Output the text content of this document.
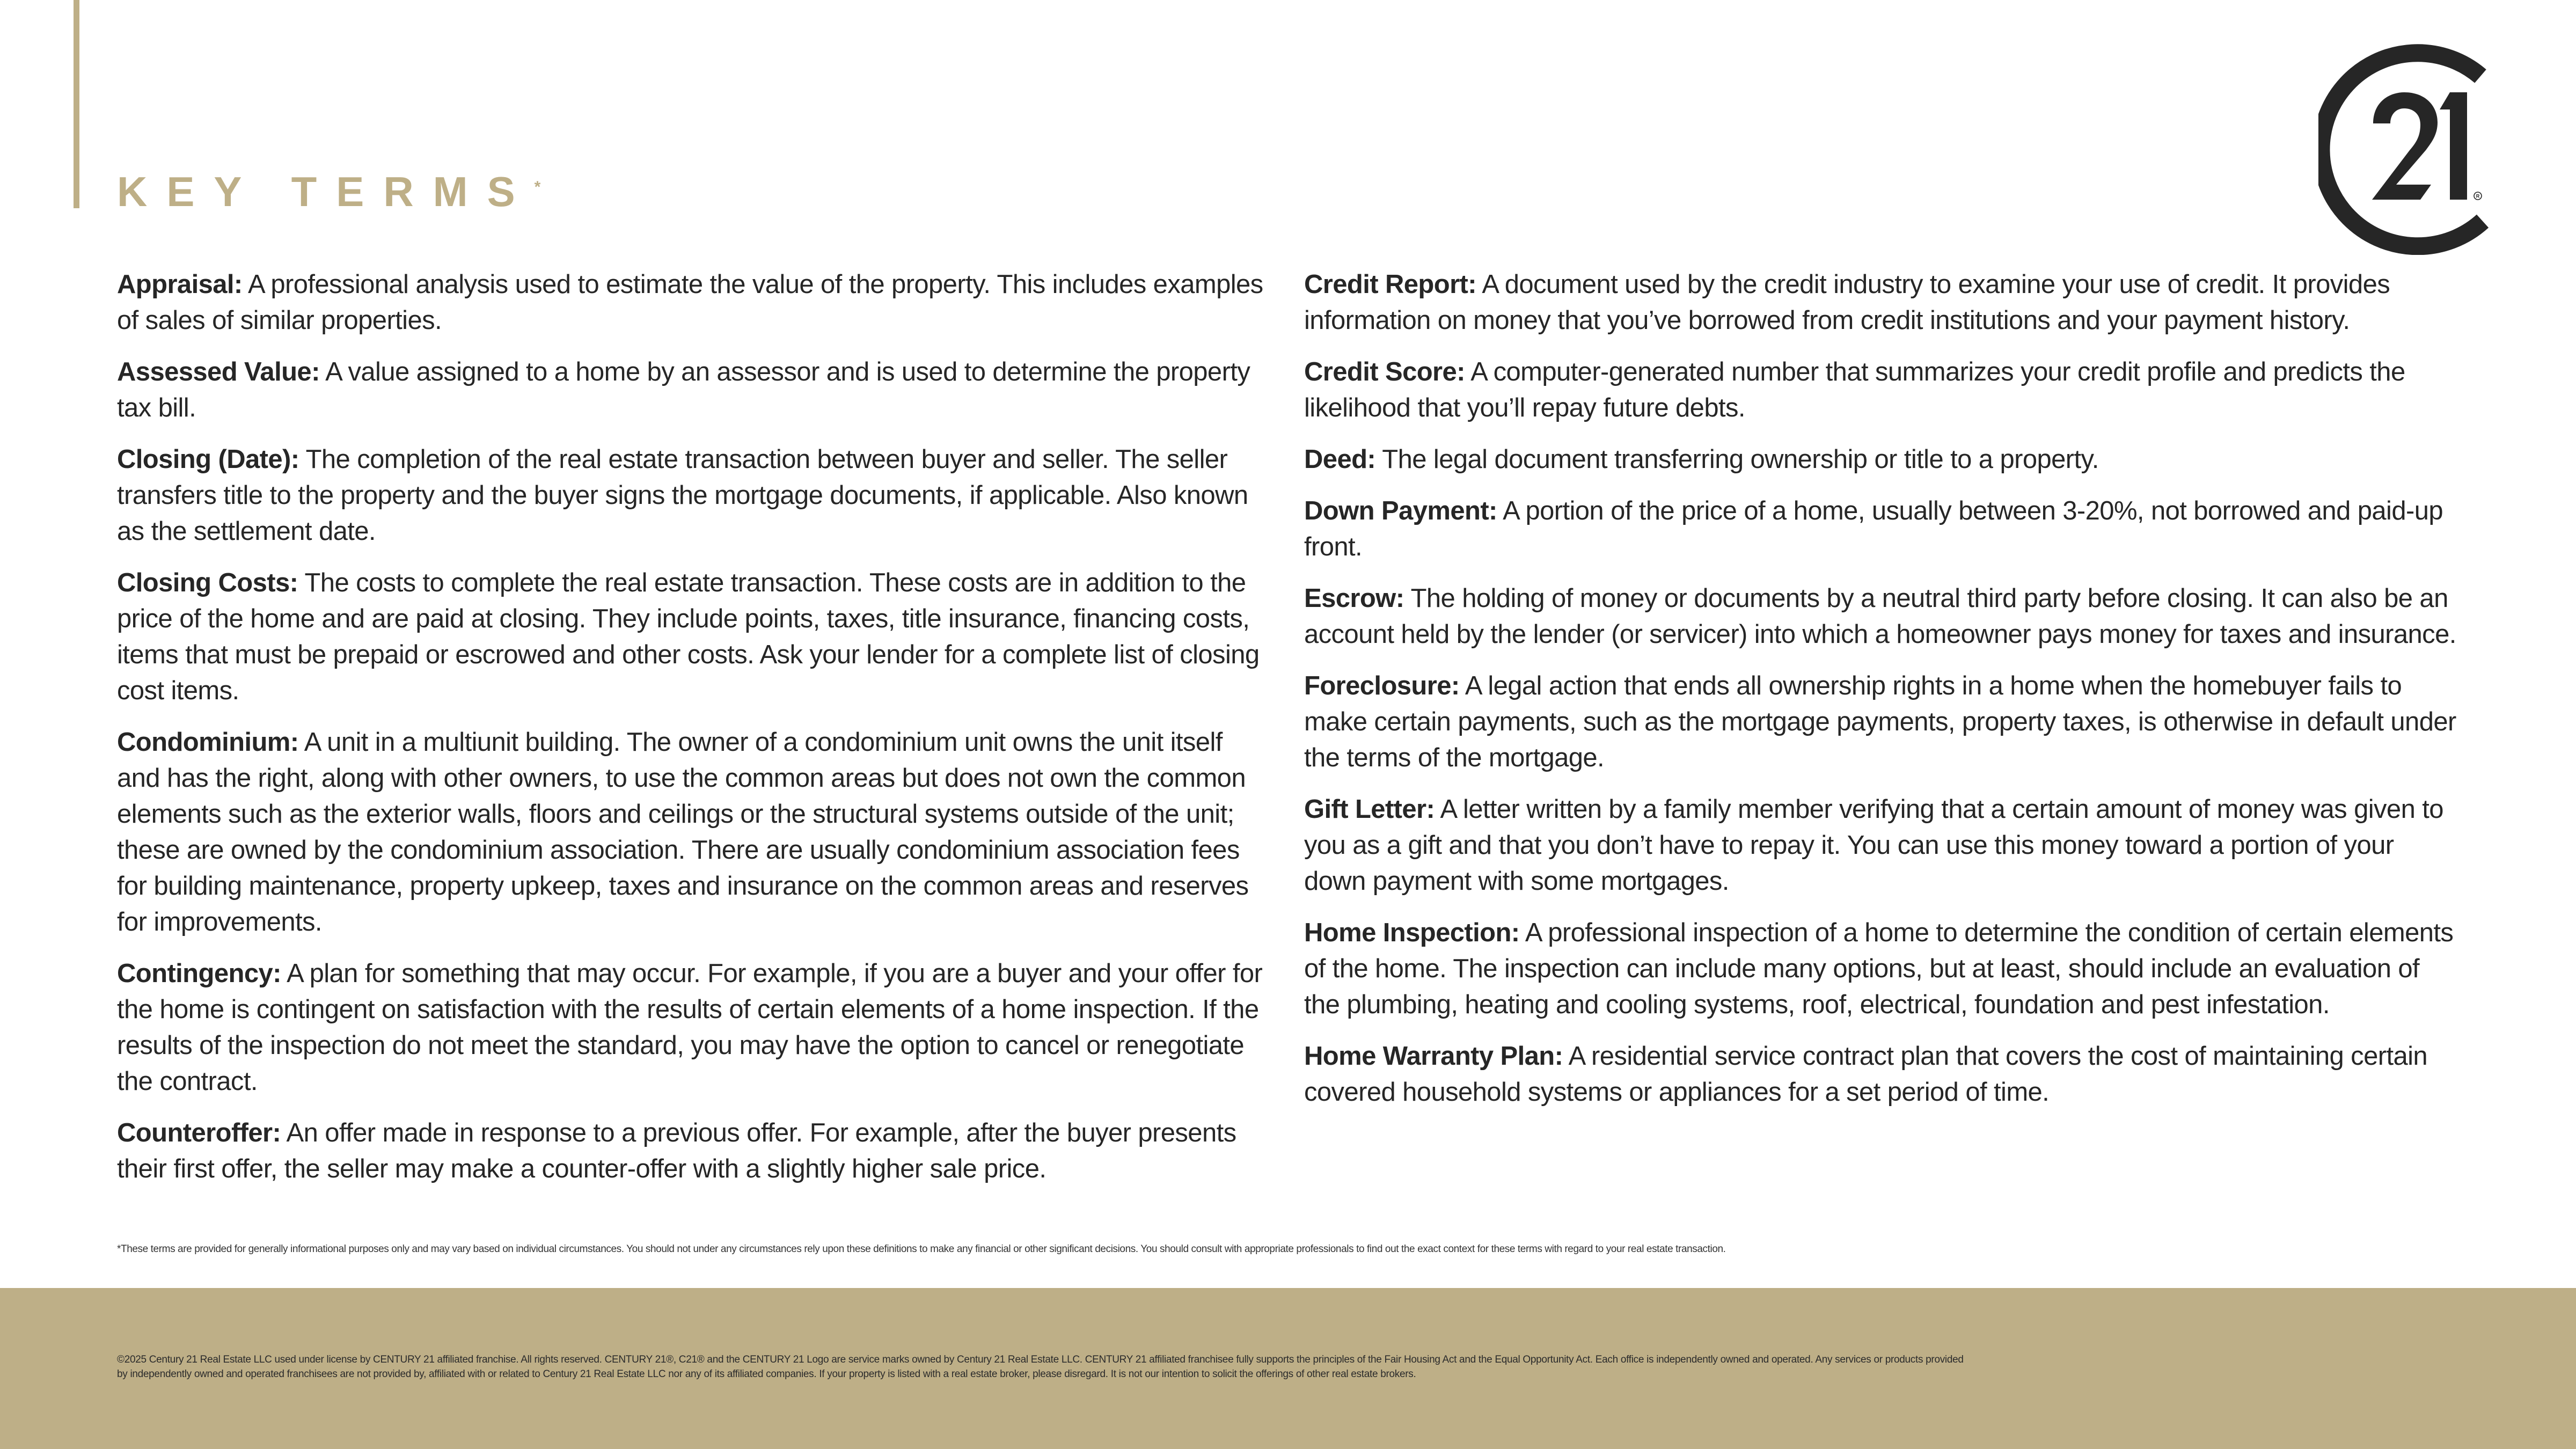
KEY TERMS*
R

Appraisal: A professional analysis used to estimate the value of the property. This includes examples of sales of similar properties.

Assessed Value: A value assigned to a home by an assessor and is used to determine the property tax bill.

Closing (Date): The completion of the real estate transaction between buyer and seller. The seller transfers title to the property and the buyer signs the mortgage documents, if applicable. Also known as the settlement date.

Closing Costs: The costs to complete the real estate transaction. These costs are in addition to the price of the home and are paid at closing. They include points, taxes, title insurance, financing costs, items that must be prepaid or escrowed and other costs. Ask your lender for a complete list of closing cost items.

Condominium: A unit in a multiunit building. The owner of a condominium unit owns the unit itself and has the right, along with other owners, to use the common areas but does not own the common elements such as the exterior walls, floors and ceilings or the structural systems outside of the unit; these are owned by the condominium association. There are usually condominium association fees for building maintenance, property upkeep, taxes and insurance on the common areas and reserves for improvements.

Contingency: A plan for something that may occur. For example, if you are a buyer and your offer for the home is contingent on satisfaction with the results of certain elements of a home inspection. If the results of the inspection do not meet the standard, you may have the option to cancel or renegotiate the contract.

Counteroffer: An offer made in response to a previous offer. For example, after the buyer presents their first offer, the seller may make a counter-offer with a slightly higher sale price.

Credit Report: A document used by the credit industry to examine your use of credit. It provides information on money that you’ve borrowed from credit institutions and your payment history.

Credit Score: A computer-generated number that summarizes your credit profile and predicts the likelihood that you’ll repay future debts.

Deed: The legal document transferring ownership or title to a property.

Down Payment: A portion of the price of a home, usually between 3-20%, not borrowed and paid-up front.

Escrow: The holding of money or documents by a neutral third party before closing. It can also be an account held by the lender (or servicer) into which a homeowner pays money for taxes and insurance.

Foreclosure: A legal action that ends all ownership rights in a home when the homebuyer fails to make certain payments, such as the mortgage payments, property taxes, is otherwise in default under the terms of the mortgage.

Gift Letter: A letter written by a family member verifying that a certain amount of money was given to you as a gift and that you don’t have to repay it. You can use this money toward a portion of your down payment with some mortgages.

Home Inspection: A professional inspection of a home to determine the condition of certain elements of the home. The inspection can include many options, but at least, should include an evaluation of the plumbing, heating and cooling systems, roof, electrical, foundation and pest infestation.

Home Warranty Plan: A residential service contract plan that covers the cost of maintaining certain covered household systems or appliances for a set period of time.

*These terms are provided for generally informational purposes only and may vary based on individual circumstances. You should not under any circumstances rely upon these definitions to make any financial or other significant decisions. You should consult with appropriate professionals to find out the exact context for these terms with regard to your real estate transaction.
©2025 Century 21 Real Estate LLC used under license by CENTURY 21 affiliated franchise. All rights reserved. CENTURY 21®, C21® and the CENTURY 21 Logo are service marks owned by Century 21 Real Estate LLC. CENTURY 21 affiliated franchisee fully supports the principles of the Fair Housing Act and the Equal Opportunity Act. Each office is independently owned and operated. Any services or products provided
by independently owned and operated franchisees are not provided by, affiliated with or related to Century 21 Real Estate LLC nor any of its affiliated companies. If your property is listed with a real estate broker, please disregard. It is not our intention to solicit the offerings of other real estate brokers.
